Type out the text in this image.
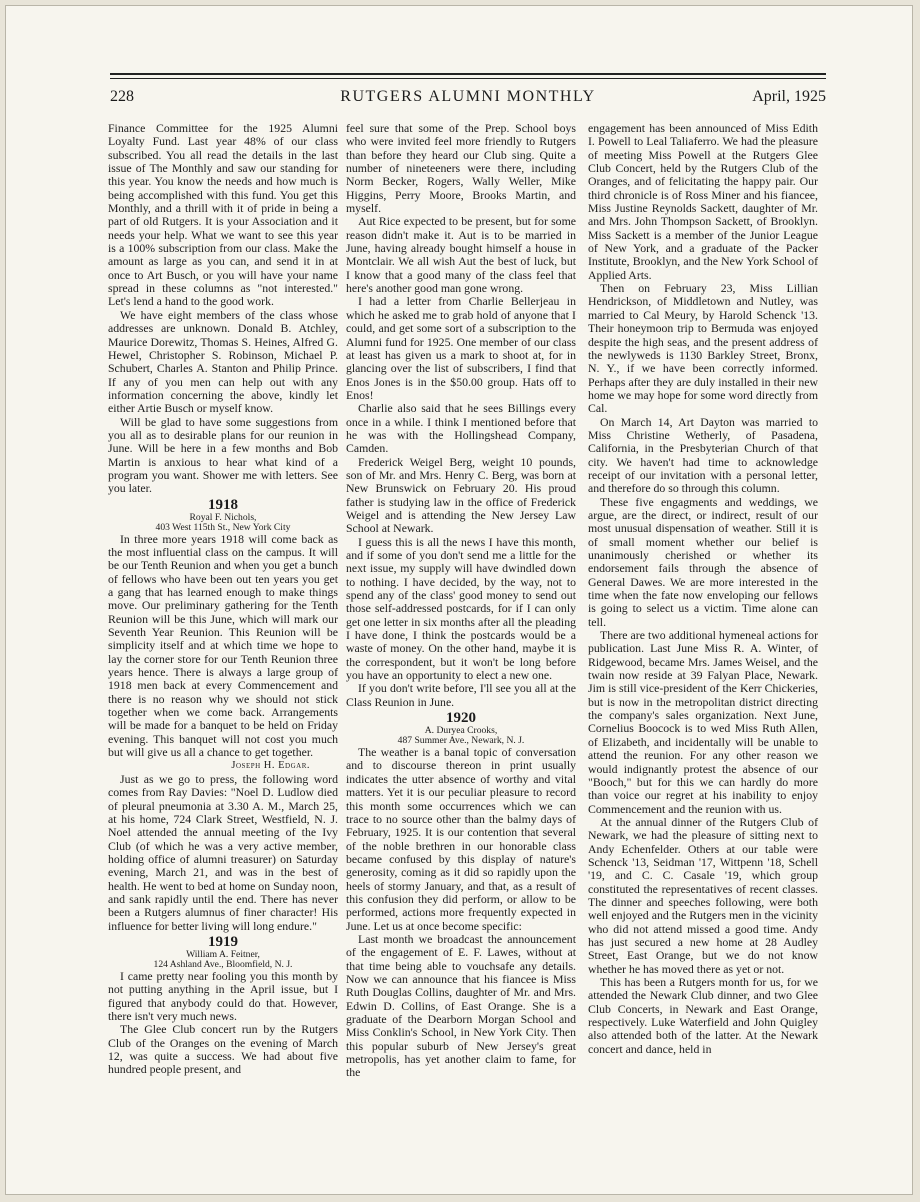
228	RUTGERS ALUMNI MONTHLY	April, 1925

Finance Committee for the 1925 Alumni Loyalty Fund. Last year 48% of our class subscribed. You all read the details in the last issue of The Monthly and saw our standing for this year. You know the needs and how much is being accomplished with this fund. You get this Monthly, and a thrill with it of pride in being a part of old Rutgers. It is your Association and it needs your help. What we want to see this year is a 100% subscription from our class. Make the amount as large as you can, and send it in at once to Art Busch, or you will have your name spread in these columns as "not interested." Let's lend a hand to the good work.

We have eight members of the class whose addresses are unknown. Donald B. Atchley, Maurice Dorewitz, Thomas S. Heines, Alfred G. Hewel, Christopher S. Robinson, Michael P. Schubert, Charles A. Stanton and Philip Prince. If any of you men can help out with any information concerning the above, kindly let either Artie Busch or myself know.

Will be glad to have some suggestions from you all as to desirable plans for our reunion in June. Will be here in a few months and Bob Martin is anxious to hear what kind of a program you want. Shower me with letters. See you later.

1918
Royal F. Nichols,
403 West 115th St., New York City

In three more years 1918 will come back as the most influential class on the campus. It will be our Tenth Reunion and when you get a bunch of fellows who have been out ten years you get a gang that has learned enough to make things move. Our preliminary gathering for the Tenth Reunion will be this June, which will mark our Seventh Year Reunion. This Reunion will be simplicity itself and at which time we hope to lay the corner store for our Tenth Reunion three years hence. There is always a large group of 1918 men back at every Commencement and there is no reason why we should not stick together when we come back. Arrangements will be made for a banquet to be held on Friday evening. This banquet will not cost you much but will give us all a chance to get together.

Joseph H. Edgar.

Just as we go to press, the following word comes from Ray Davies: "Noel D. Ludlow died of pleural pneumonia at 3.30 A. M., March 25, at his home, 724 Clark Street, Westfield, N. J. Noel attended the annual meeting of the Ivy Club (of which he was a very active member, holding office of alumni treasurer) on Saturday evening, March 21, and was in the best of health. He went to bed at home on Sunday noon, and sank rapidly until the end. There has never been a Rutgers alumnus of finer character! His influence for better living will long endure."

1919
William A. Feitner,
124 Ashland Ave., Bloomfield, N. J.

I came pretty near fooling you this month by not putting anything in the April issue, but I figured that anybody could do that. However, there isn't very much news.

The Glee Club concert run by the Rutgers Club of the Oranges on the evening of March 12, was quite a success. We had about five hundred people present, and

feel sure that some of the Prep. School boys who were invited feel more friendly to Rutgers than before they heard our Club sing. Quite a number of nineteeners were there, including Norm Becker, Rogers, Wally Weller, Mike Higgins, Perry Moore, Brooks Martin, and myself.

Aut Rice expected to be present, but for some reason didn't make it. Aut is to be married in June, having already bought himself a house in Montclair. We all wish Aut the best of luck, but I know that a good many of the class feel that here's another good man gone wrong.

I had a letter from Charlie Bellerjeau in which he asked me to grab hold of anyone that I could, and get some sort of a subscription to the Alumni fund for 1925. One member of our class at least has given us a mark to shoot at, for in glancing over the list of subscribers, I find that Enos Jones is in the $50.00 group. Hats off to Enos!

Charlie also said that he sees Billings every once in a while. I think I mentioned before that he was with the Hollingshead Company, Camden.

Frederick Weigel Berg, weight 10 pounds, son of Mr. and Mrs. Henry C. Berg, was born at New Brunswick on February 20. His proud father is studying law in the office of Frederick Weigel and is attending the New Jersey Law School at Newark.

I guess this is all the news I have this month, and if some of you don't send me a little for the next issue, my supply will have dwindled down to nothing. I have decided, by the way, not to spend any of the class' good money to send out those self-addressed postcards, for if I can only get one letter in six months after all the pleading I have done, I think the postcards would be a waste of money. On the other hand, maybe it is the correspondent, but it won't be long before you have an opportunity to elect a new one.

If you don't write before, I'll see you all at the Class Reunion in June.

1920
A. Duryea Crooks,
487 Summer Ave., Newark, N. J.

The weather is a banal topic of conversation and to discourse thereon in print usually indicates the utter absence of worthy and vital matters. Yet it is our peculiar pleasure to record this month some occurrences which we can trace to no source other than the balmy days of February, 1925. It is our contention that several of the noble brethren in our honorable class became confused by this display of nature's generosity, coming as it did so rapidly upon the heels of stormy January, and that, as a result of this confusion they did perform, or allow to be performed, actions more frequently expected in June. Let us at once become specific:

Last month we broadcast the announcement of the engagement of E. F. Lawes, without at that time being able to vouchsafe any details. Now we can announce that his fiancee is Miss Ruth Douglas Collins, daughter of Mr. and Mrs. Edwin D. Collins, of East Orange. She is a graduate of the Dearborn Morgan School and Miss Conklin's School, in New York City. Then this popular suburb of New Jersey's great metropolis, has yet another claim to fame, for the

engagement has been announced of Miss Edith I. Powell to Leal Taliaferro. We had the pleasure of meeting Miss Powell at the Rutgers Glee Club Concert, held by the Rutgers Club of the Oranges, and of felicitating the happy pair. Our third chronicle is of Ross Miner and his fiancee, Miss Justine Reynolds Sackett, daughter of Mr. and Mrs. John Thompson Sackett, of Brooklyn. Miss Sackett is a member of the Junior League of New York, and a graduate of the Packer Institute, Brooklyn, and the New York School of Applied Arts.

Then on February 23, Miss Lillian Hendrickson, of Middletown and Nutley, was married to Cal Meury, by Harold Schenck '13. Their honeymoon trip to Bermuda was enjoyed despite the high seas, and the present address of the newlyweds is 1130 Barkley Street, Bronx, N. Y., if we have been correctly informed. Perhaps after they are duly installed in their new home we may hope for some word directly from Cal.

On March 14, Art Dayton was married to Miss Christine Wetherly, of Pasadena, California, in the Presbyterian Church of that city. We haven't had time to acknowledge receipt of our invitation with a personal letter, and therefore do so through this column.

These five engagments and weddings, we argue, are the direct, or indirect, result of our most unusual dispensation of weather. Still it is of small moment whether our belief is unanimously cherished or whether its endorsement fails through the absence of General Dawes. We are more interested in the time when the fate now enveloping our fellows is going to select us a victim. Time alone can tell.

There are two additional hymeneal actions for publication. Last June Miss R. A. Winter, of Ridgewood, became Mrs. James Weisel, and the twain now reside at 39 Falyan Place, Newark. Jim is still vice-president of the Kerr Chickeries, but is now in the metropolitan district directing the company's sales organization. Next June, Cornelius Boocock is to wed Miss Ruth Allen, of Elizabeth, and incidentally will be unable to attend the reunion. For any other reason we would indignantly protest the absence of our "Booch," but for this we can hardly do more than voice our regret at his inability to enjoy Commencement and the reunion with us.

At the annual dinner of the Rutgers Club of Newark, we had the pleasure of sitting next to Andy Echenfelder. Others at our table were Schenck '13, Seidman '17, Wittpenn '18, Schell '19, and C. C. Casale '19, which group constituted the representatives of recent classes. The dinner and speeches following, were both well enjoyed and the Rutgers men in the vicinity who did not attend missed a good time. Andy has just secured a new home at 28 Audley Street, East Orange, but we do not know whether he has moved there as yet or not.

This has been a Rutgers month for us, for we attended the Newark Club dinner, and two Glee Club Concerts, in Newark and East Orange, respectively. Luke Waterfield and John Quigley also attended both of the latter. At the Newark concert and dance, held in
